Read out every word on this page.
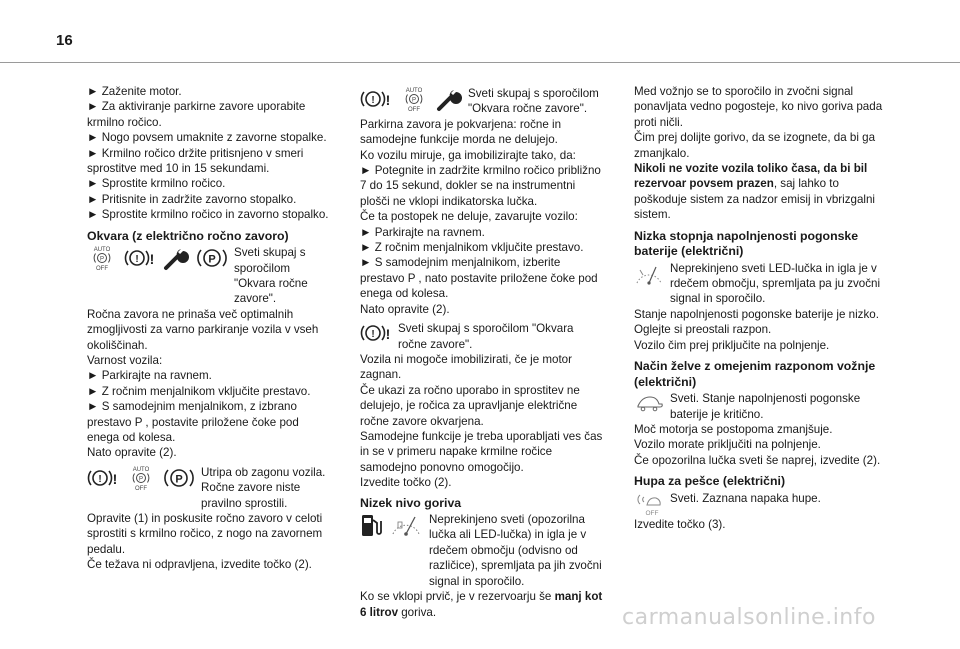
16

► Zaženite motor.

► Za aktiviranje parkirne zavore uporabite krmilno ročico.

► Nogo povsem umaknite z zavorne stopalke.

► Krmilno ročico držite pritisnjeno v smeri sprostitve med 10 in 15 sekundami.

► Sprostite krmilno ročico.

► Pritisnite in zadržite zavorno stopalko.

► Sprostite krmilno ročico in zavorno stopalko.

Okvara (z električno ročno zavoro)
AUTO
P
OFF
! !	P

Sveti skupaj s sporočilom "Okvara ročne zavore".

Ročna zavora ne prinaša več optimalnih zmogljivosti za varno parkiranje vozila v vseh okoliščinah.

Varnost vozila:

► Parkirajte na ravnem.

► Z ročnim menjalnikom vključite prestavo.

► S samodejnim menjalnikom, z izbrano prestavo P , postavite priložene čoke pod enega od kolesa.

Nato opravite (2).

! !
AUTO
P
OFF
P

Utripa ob zagonu vozila. Ročne zavore niste pravilno sprostili.

Opravite (1) in poskusite ročno zavoro v celoti sprostiti s krmilno ročico, z nogo na zavornem pedalu.

Če težava ni odpravljena, izvedite točko (2).

! !
AUTO
P
OFF

Sveti skupaj s sporočilom "Okvara ročne zavore".

Parkirna zavora je pokvarjena: ročne in samodejne funkcije morda ne delujejo.

Ko vozilu miruje, ga imobilizirajte tako, da:

► Potegnite in zadržite krmilno ročico približno 7 do 15 sekund, dokler se na instrumentni plošči ne vklopi indikatorska lučka.

Če ta postopek ne deluje, zavarujte vozilo:

► Parkirajte na ravnem.

► Z ročnim menjalnikom vključite prestavo.

► S samodejnim menjalnikom, izberite prestavo P , nato postavite priložene čoke pod enega od kolesa.

Nato opravite (2).

! ! Sveti skupaj s sporočilom "Okvara ročne zavore".

Vozila ni mogoče imobilizirati, če je motor zagnan.

Če ukazi za ročno uporabo in sprostitev ne delujejo, je ročica za upravljanje električne ročne zavore okvarjena.

Samodejne funkcije je treba uporabljati ves čas in se v primeru napake krmilne ročice samodejno ponovno omogočijo.

Izvedite točko (2).

Nizek nivo goriva

Neprekinjeno sveti (opozorilna lučka ali LED-lučka) in igla je v rdečem območju (odvisno od različice), spremljata pa jih zvočni signal in sporočilo.

Ko se vklopi prvič, je v rezervoarju še manj kot 6 litrov goriva.

Med vožnjo se to sporočilo in zvočni signal ponavljata vedno pogosteje, ko nivo goriva pada proti ničli.

Čim prej dolijte gorivo, da se izognete, da bi ga zmanjkalo.

Nikoli ne vozite vozila toliko časa, da bi bil rezervoar povsem prazen, saj lahko to poškoduje sistem za nadzor emisij in vbrizgalni sistem.

Nizka stopnja napolnjenosti pogonske baterije (električni)

Neprekinjeno sveti LED-lučka in igla je v rdečem območju, spremljata pa ju zvočni signal in sporočilo.

Stanje napolnjenosti pogonske baterije je nizko. Oglejte si preostali razpon.

Vozilo čim prej priključite na polnjenje.

Način želve z omejenim razponom vožnje (električni)

Sveti. Stanje napolnjenosti pogonske baterije je kritično.

Moč motorja se postopoma zmanjšuje.

Vozilo morate priključiti na polnjenje.

Če opozorilna lučka sveti še naprej, izvedite (2).

Hupa za pešce (električni)
OFF

Sveti. Zaznana napaka hupe.

Izvedite točko (3).

carmanualsonline.info
